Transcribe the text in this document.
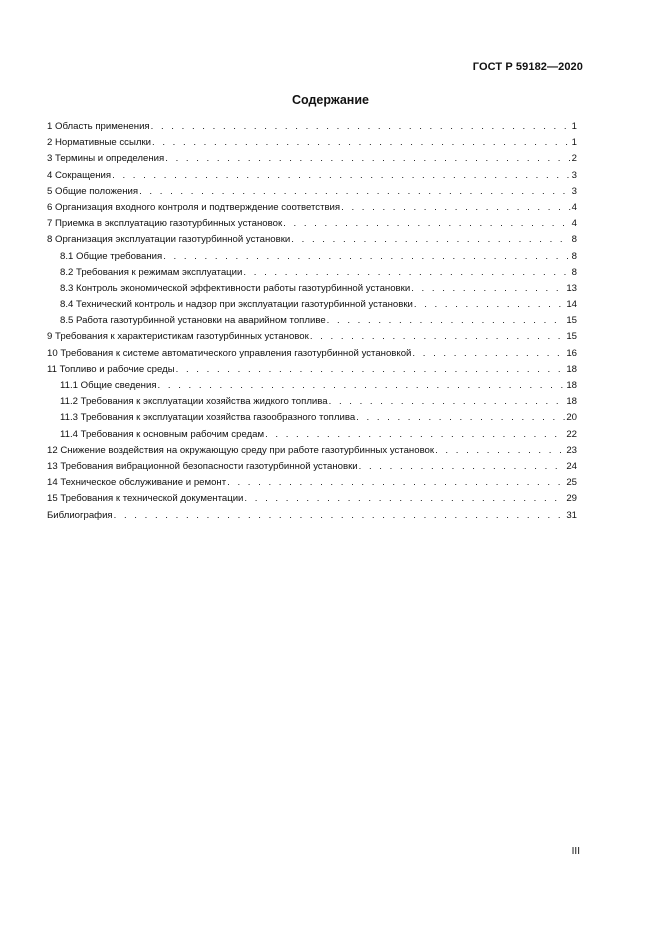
ГОСТ Р 59182—2020
Содержание
1 Область применения . . .	1
2 Нормативные ссылки . . .	1
3 Термины и определения . . .	2
4 Сокращения . . .	3
5 Общие положения . . .	3
6 Организация входного контроля и подтверждение соответствия . . .	4
7 Приемка в эксплуатацию газотурбинных установок . . .	4
8 Организация эксплуатации газотурбинной установки . . .	8
8.1 Общие требования . . .	8
8.2 Требования к режимам эксплуатации . . .	8
8.3 Контроль экономической эффективности работы газотурбинной установки . . .	13
8.4 Технический контроль и надзор при эксплуатации газотурбинной установки . . .	14
8.5 Работа газотурбинной установки на аварийном топливе . . .	15
9 Требования к характеристикам газотурбинных установок . . .	15
10 Требования к системе автоматического управления газотурбинной установкой . . .	16
11 Топливо и рабочие среды . . .	18
11.1 Общие сведения . . .	18
11.2 Требования к эксплуатации хозяйства жидкого топлива . . .	18
11.3 Требования к эксплуатации хозяйства газообразного топлива . . .	20
11.4 Требования к основным рабочим средам . . .	22
12 Снижение воздействия на окружающую среду при работе газотурбинных установок . . .	23
13 Требования вибрационной безопасности газотурбинной установки . . .	24
14 Техническое обслуживание и ремонт . . .	25
15 Требования к технической документации . . .	29
Библиография . . .	31
III
